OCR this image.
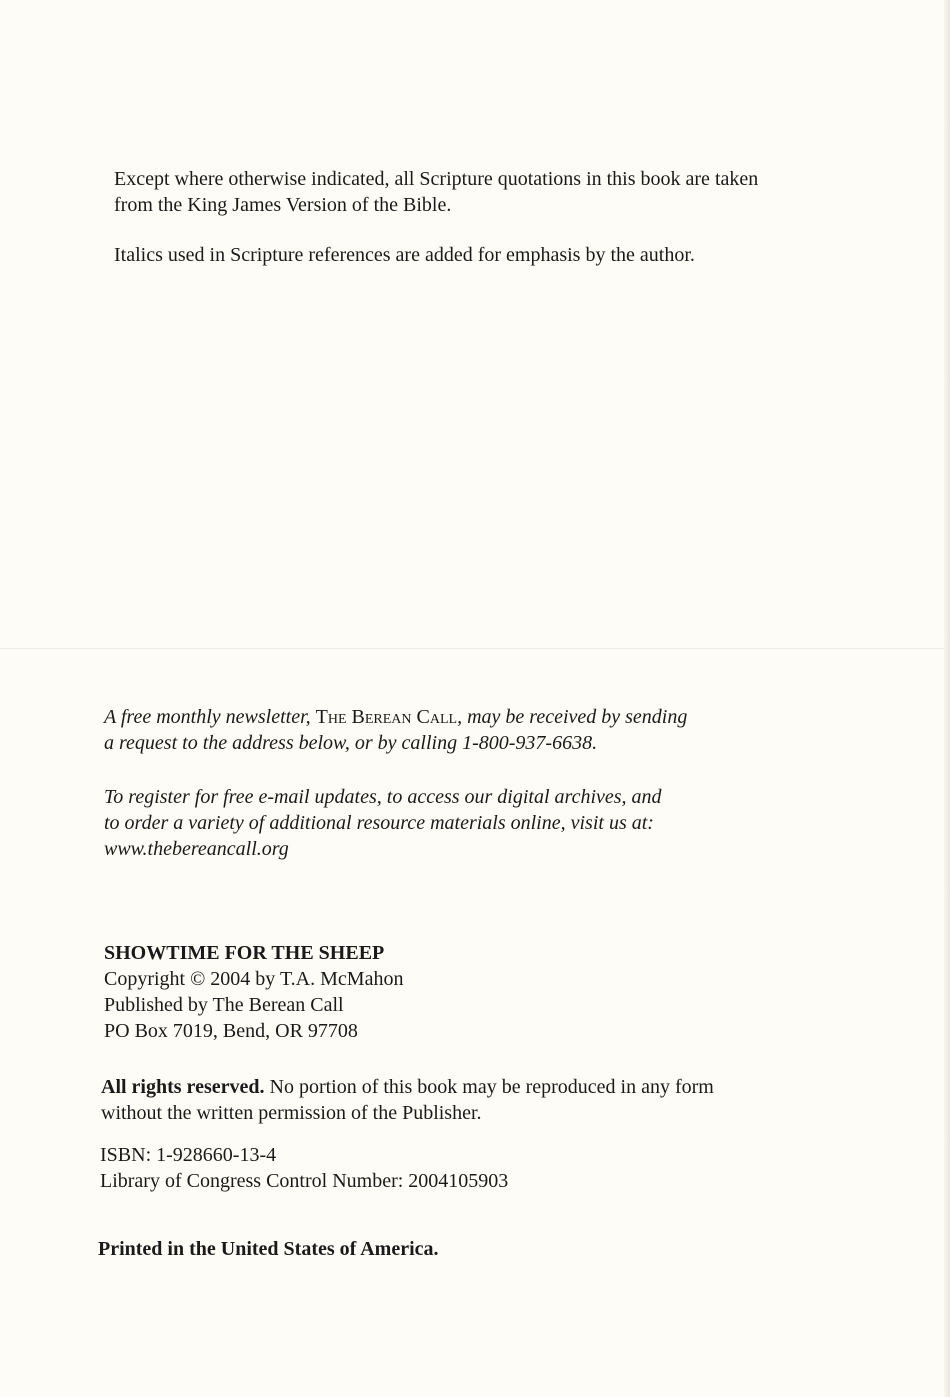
Except where otherwise indicated, all Scripture quotations in this book are taken

from the King James Version of the Bible.

Italics used in Scripture references are added for emphasis by the author.

A free monthly newsletter, The Berean Call, may be received by sending

a request to the address below, or by calling 1-800-937-6638.

To register for free e-mail updates, to access our digital archives, and

to order a variety of additional resource materials online, visit us at:

www.thebereancall.org

SHOWTIME FOR THE SHEEP

Copyright © 2004 by T.A. McMahon

Published by The Berean Call

PO Box 7019, Bend, OR 97708

All rights reserved. No portion of this book may be reproduced in any form

without the written permission of the Publisher.

ISBN: 1-928660-13-4

Library of Congress Control Number: 2004105903

Printed in the United States of America.
